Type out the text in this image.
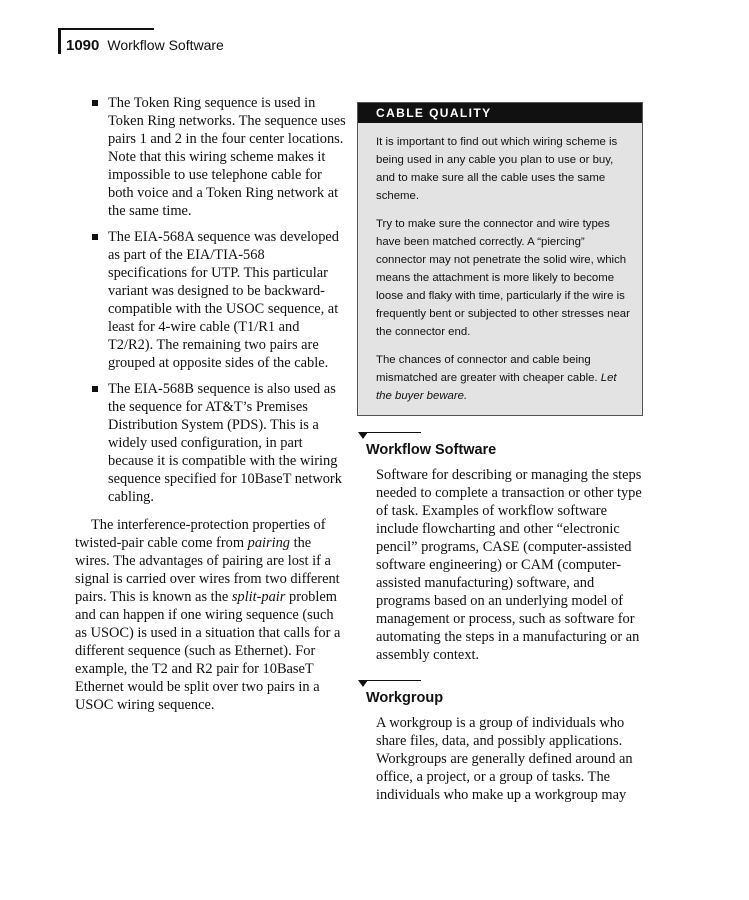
1090 Workflow Software
The Token Ring sequence is used in Token Ring networks. The sequence uses pairs 1 and 2 in the four center locations. Note that this wiring scheme makes it impossible to use telephone cable for both voice and a Token Ring network at the same time.
The EIA-568A sequence was developed as part of the EIA/TIA-568 specifications for UTP. This particular variant was designed to be backward-compatible with the USOC sequence, at least for 4-wire cable (T1/R1 and T2/R2). The remaining two pairs are grouped at opposite sides of the cable.
The EIA-568B sequence is also used as the sequence for AT&T’s Premises Distribution System (PDS). This is a widely used configuration, in part because it is compatible with the wiring sequence specified for 10BaseT network cabling.

The interference-protection properties of twisted-pair cable come from pairing the wires. The advantages of pairing are lost if a signal is carried over wires from two different pairs. This is known as the split-pair problem and can happen if one wiring sequence (such as USOC) is used in a situation that calls for a different sequence (such as Ethernet). For example, the T2 and R2 pair for 10BaseT Ethernet would be split over two pairs in a USOC wiring sequence.

CABLE QUALITY

It is important to find out which wiring scheme is being used in any cable you plan to use or buy, and to make sure all the cable uses the same scheme.

Try to make sure the connector and wire types have been matched correctly. A “piercing” connector may not penetrate the solid wire, which means the attachment is more likely to become loose and flaky with time, particularly if the wire is frequently bent or subjected to other stresses near the connector end.

The chances of connector and cable being mismatched are greater with cheaper cable. Let the buyer beware.

Workflow Software
Software for describing or managing the steps needed to complete a transaction or other type of task. Examples of workflow software include flowcharting and other “electronic pencil” programs, CASE (computer-assisted software engineering) or CAM (computer-assisted manufacturing) software, and programs based on an underlying model of management or process, such as software for automating the steps in a manufacturing or an assembly context.
Workgroup
A workgroup is a group of individuals who share files, data, and possibly applications. Workgroups are generally defined around an office, a project, or a group of tasks. The individuals who make up a workgroup may
